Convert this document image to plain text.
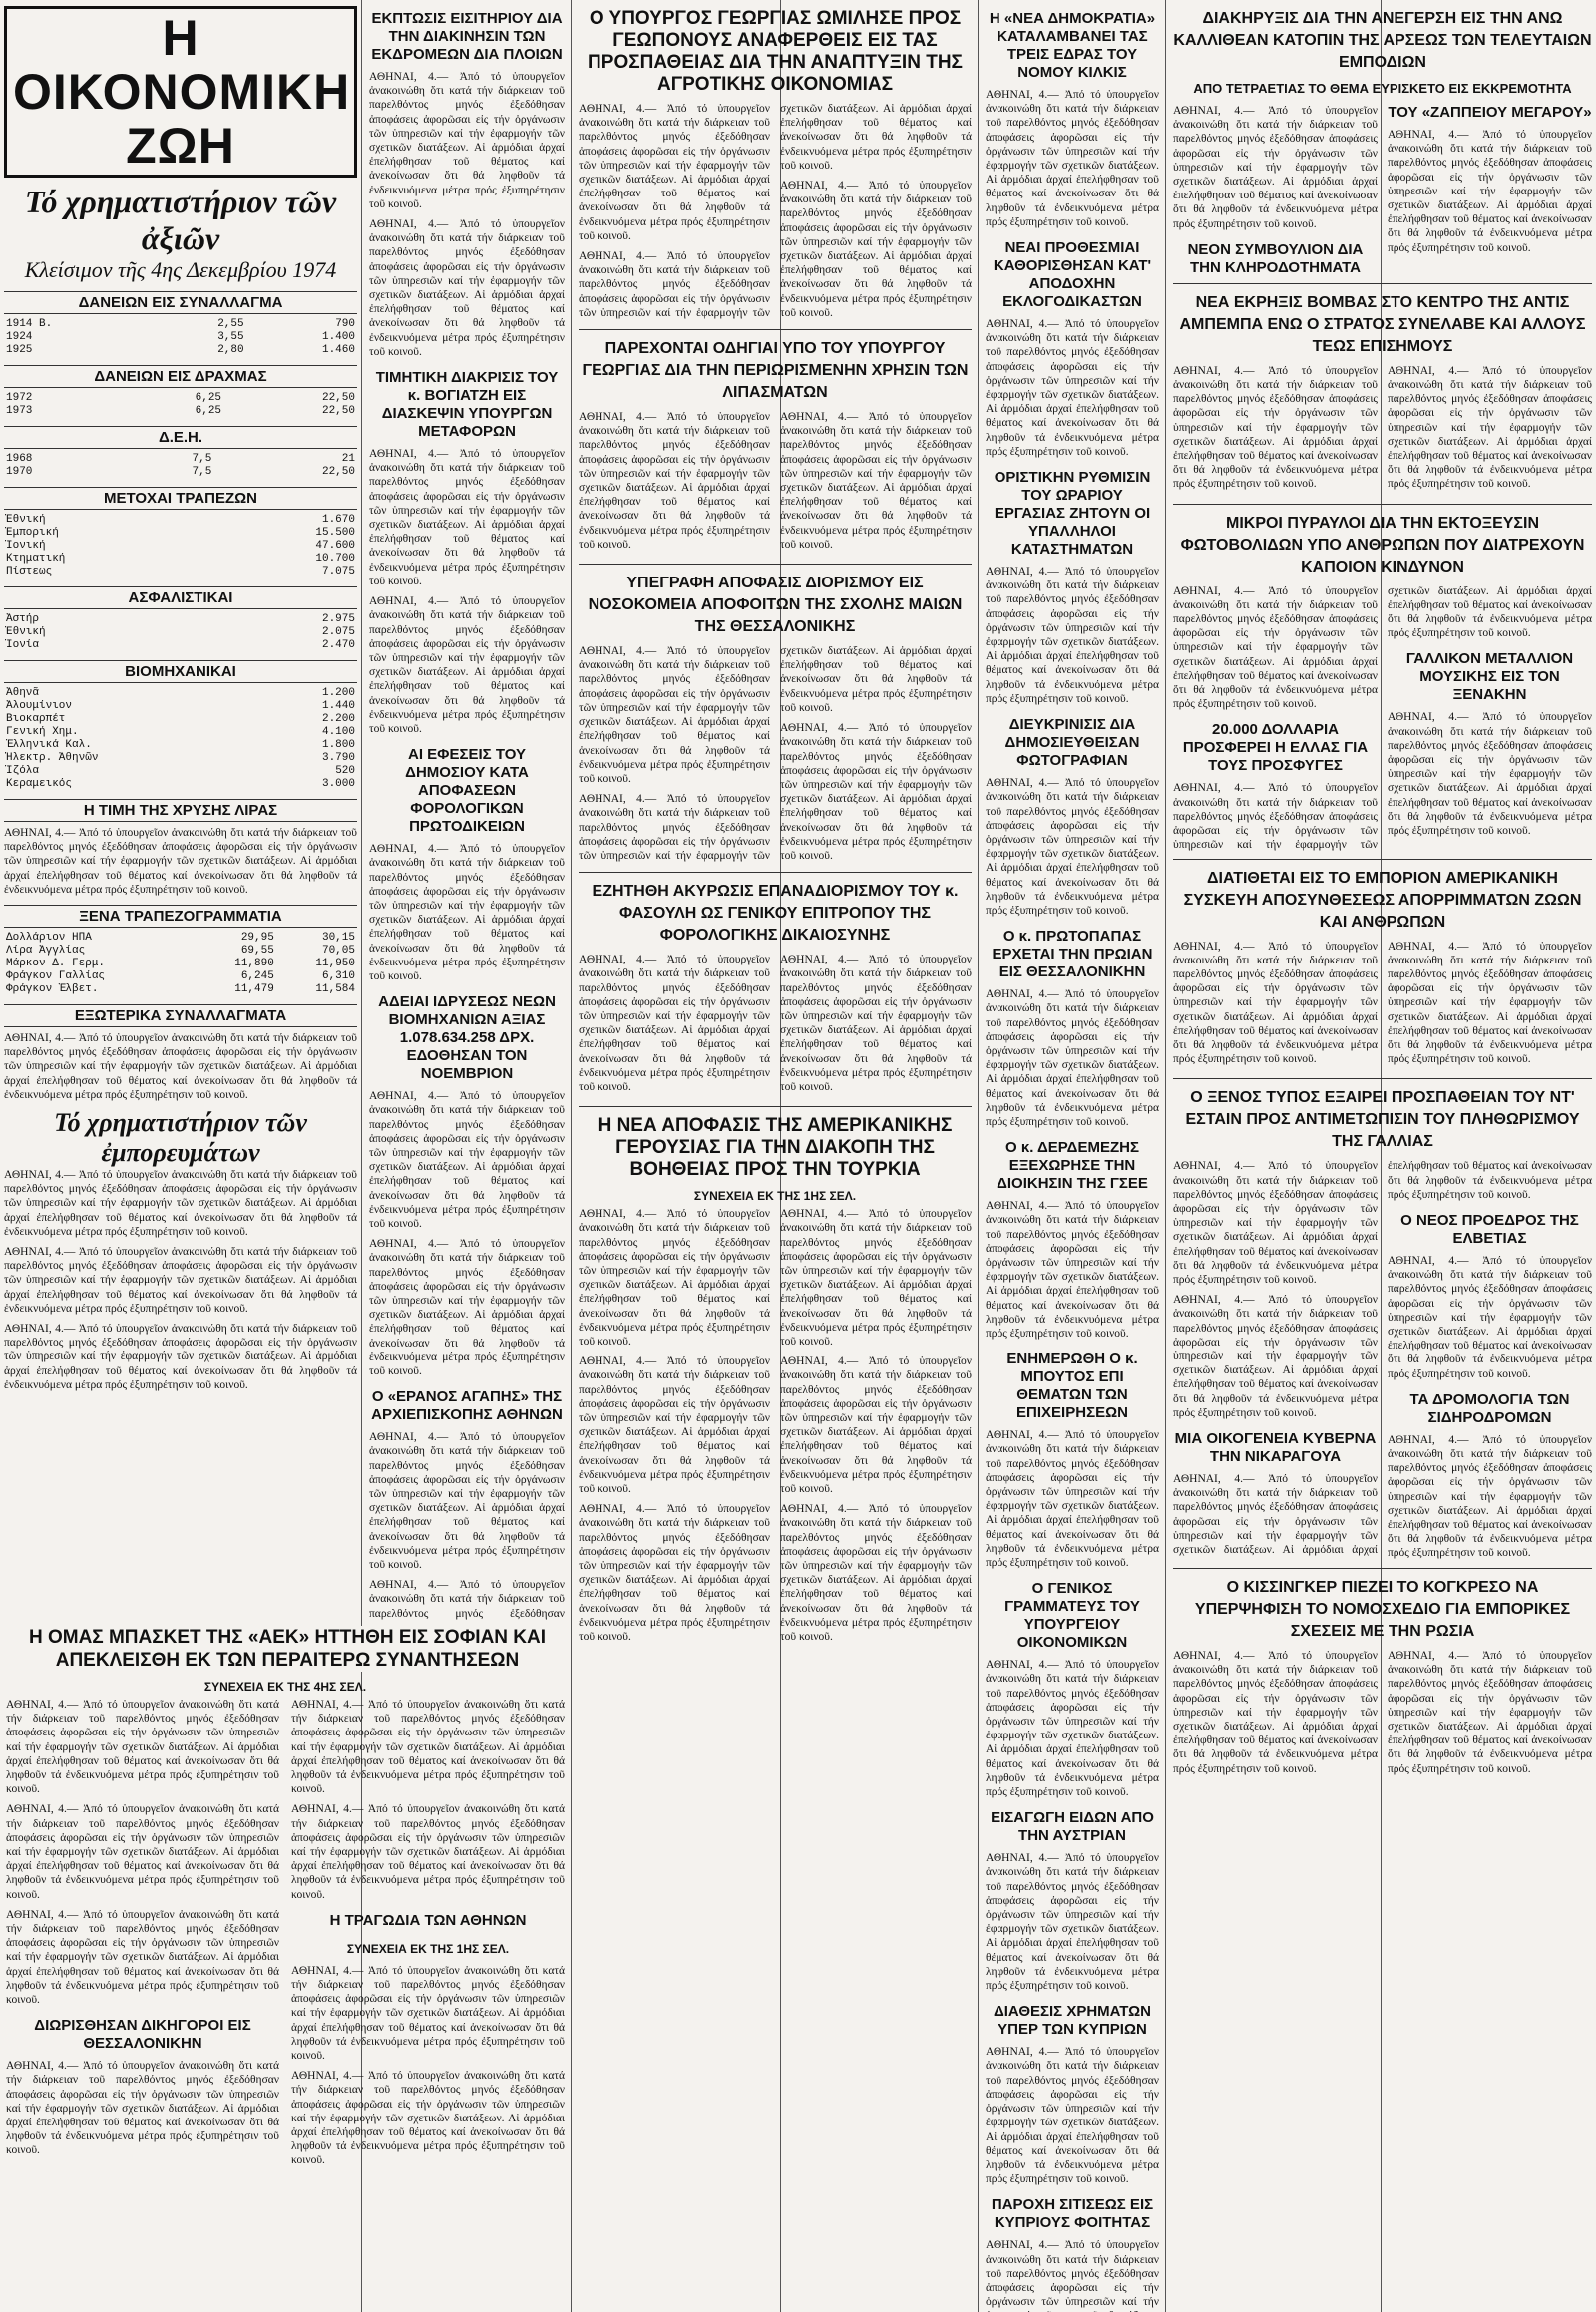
Η ΟΙΚΟΝΟΜΙΚΗ ΖΩΗ
Τό χρηματιστήριον τῶν ἀξιῶν
Κλείσιμον τῆς 4ης Δεκεμβρίου 1974
ΔΑΝΕΙΩΝ ΕΙΣ ΣΥΝΑΛΛΑΓΜΑ
1914 Β.	2,55	790
1924	3,55	1.400
1925	2,80	1.460
ΔΑΝΕΙΩΝ ΕΙΣ ΔΡΑΧΜΑΣ
1972	6,25	22,50
1973	6,25	22,50
Δ.Ε.Η.
1968	7,5	21
1970	7,5	22,50
ΜΕΤΟΧΑΙ ΤΡΑΠΕΖΩΝ
Ἐθνική		1.670
Ἐμπορική		15.500
Ἰονική		47.600
Κτηματική		10.700
Πίστεως		7.075
ΑΣΦΑΛΙΣΤΙΚΑΙ
Ἀστήρ		2.975
Ἐθνική		2.075
Ἰονία		2.470
ΒΙΟΜΗΧΑΝΙΚΑΙ
Ἀθηνᾶ		1.200
Ἀλουμίνιον		1.440
Βιοκαρπέτ		2.200
Γενική Χημ.		4.100
Ἑλληνικά Καλ.		1.800
Ἠλεκτρ. Ἀθηνῶν		3.790
Ἰζόλα		520
Κεραμεικός		3.000
Η ΤΙΜΗ ΤΗΣ ΧΡΥΣΗΣ ΛΙΡΑΣ
ΑΘΗΝΑΙ, 4.— Ἀπό τό ὑπουργεῖον ἀνακοινώθη ὅτι κατά τήν διάρκειαν τοῦ παρελθόντος μηνός ἐξεδόθησαν ἀποφάσεις ἀφορῶσαι εἰς τήν ὀργάνωσιν τῶν ὑπηρεσιῶν καί τήν ἐφαρμογήν τῶν σχετικῶν διατάξεων. Αἱ ἀρμόδιαι ἀρχαί ἐπελήφθησαν τοῦ θέματος καί ἀνεκοίνωσαν ὅτι θά ληφθοῦν τά ἐνδεικνυόμενα μέτρα πρός ἐξυπηρέτησιν τοῦ κοινοῦ.
ΞΕΝΑ ΤΡΑΠΕΖΟΓΡΑΜΜΑΤΙΑ
Δολλάριον ΗΠΑ	29,95	30,15
Λίρα Ἀγγλίας	69,55	70,05
Μάρκον Δ. Γερμ.	11,890	11,950
Φράγκον Γαλλίας	6,245	6,310
Φράγκον Ἑλβετ.	11,479	11,584
ΕΞΩΤΕΡΙΚΑ ΣΥΝΑΛΛΑΓΜΑΤΑ
ΑΘΗΝΑΙ, 4.— Ἀπό τό ὑπουργεῖον ἀνακοινώθη ὅτι κατά τήν διάρκειαν τοῦ παρελθόντος μηνός ἐξεδόθησαν ἀποφάσεις ἀφορῶσαι εἰς τήν ὀργάνωσιν τῶν ὑπηρεσιῶν καί τήν ἐφαρμογήν τῶν σχετικῶν διατάξεων. Αἱ ἀρμόδιαι ἀρχαί ἐπελήφθησαν τοῦ θέματος καί ἀνεκοίνωσαν ὅτι θά ληφθοῦν τά ἐνδεικνυόμενα μέτρα πρός ἐξυπηρέτησιν τοῦ κοινοῦ.
Τό χρηματιστήριον τῶν ἐμπορευμάτων
ΑΘΗΝΑΙ, 4.— Ἀπό τό ὑπουργεῖον ἀνακοινώθη ὅτι κατά τήν διάρκειαν τοῦ παρελθόντος μηνός ἐξεδόθησαν ἀποφάσεις ἀφορῶσαι εἰς τήν ὀργάνωσιν τῶν ὑπηρεσιῶν καί τήν ἐφαρμογήν τῶν σχετικῶν διατάξεων. Αἱ ἀρμόδιαι ἀρχαί ἐπελήφθησαν τοῦ θέματος καί ἀνεκοίνωσαν ὅτι θά ληφθοῦν τά ἐνδεικνυόμενα μέτρα πρός ἐξυπηρέτησιν τοῦ κοινοῦ.
ΑΘΗΝΑΙ, 4.— Ἀπό τό ὑπουργεῖον ἀνακοινώθη ὅτι κατά τήν διάρκειαν τοῦ παρελθόντος μηνός ἐξεδόθησαν ἀποφάσεις ἀφορῶσαι εἰς τήν ὀργάνωσιν τῶν ὑπηρεσιῶν καί τήν ἐφαρμογήν τῶν σχετικῶν διατάξεων. Αἱ ἀρμόδιαι ἀρχαί ἐπελήφθησαν τοῦ θέματος καί ἀνεκοίνωσαν ὅτι θά ληφθοῦν τά ἐνδεικνυόμενα μέτρα πρός ἐξυπηρέτησιν τοῦ κοινοῦ.
ΑΘΗΝΑΙ, 4.— Ἀπό τό ὑπουργεῖον ἀνακοινώθη ὅτι κατά τήν διάρκειαν τοῦ παρελθόντος μηνός ἐξεδόθησαν ἀποφάσεις ἀφορῶσαι εἰς τήν ὀργάνωσιν τῶν ὑπηρεσιῶν καί τήν ἐφαρμογήν τῶν σχετικῶν διατάξεων. Αἱ ἀρμόδιαι ἀρχαί ἐπελήφθησαν τοῦ θέματος καί ἀνεκοίνωσαν ὅτι θά ληφθοῦν τά ἐνδεικνυόμενα μέτρα πρός ἐξυπηρέτησιν τοῦ κοινοῦ.
Η ΟΜΑΣ ΜΠΑΣΚΕΤ ΤΗΣ «ΑΕΚ» ΗΤΤΗΘΗ ΕΙΣ ΣΟΦΙΑΝ ΚΑΙ ΑΠΕΚΛΕΙΣΘΗ ΕΚ ΤΩΝ ΠΕΡΑΙΤΕΡΩ ΣΥΝΑΝΤΗΣΕΩΝ
ΣΥΝΕΧΕΙΑ ΕΚ ΤΗΣ 4ΗΣ ΣΕΛ.
ΑΘΗΝΑΙ, 4.— Ἀπό τό ὑπουργεῖον ἀνακοινώθη ὅτι κατά τήν διάρκειαν τοῦ παρελθόντος μηνός ἐξεδόθησαν ἀποφάσεις ἀφορῶσαι εἰς τήν ὀργάνωσιν τῶν ὑπηρεσιῶν καί τήν ἐφαρμογήν τῶν σχετικῶν διατάξεων. Αἱ ἀρμόδιαι ἀρχαί ἐπελήφθησαν τοῦ θέματος καί ἀνεκοίνωσαν ὅτι θά ληφθοῦν τά ἐνδεικνυόμενα μέτρα πρός ἐξυπηρέτησιν τοῦ κοινοῦ.
ΑΘΗΝΑΙ, 4.— Ἀπό τό ὑπουργεῖον ἀνακοινώθη ὅτι κατά τήν διάρκειαν τοῦ παρελθόντος μηνός ἐξεδόθησαν ἀποφάσεις ἀφορῶσαι εἰς τήν ὀργάνωσιν τῶν ὑπηρεσιῶν καί τήν ἐφαρμογήν τῶν σχετικῶν διατάξεων. Αἱ ἀρμόδιαι ἀρχαί ἐπελήφθησαν τοῦ θέματος καί ἀνεκοίνωσαν ὅτι θά ληφθοῦν τά ἐνδεικνυόμενα μέτρα πρός ἐξυπηρέτησιν τοῦ κοινοῦ.
ΑΘΗΝΑΙ, 4.— Ἀπό τό ὑπουργεῖον ἀνακοινώθη ὅτι κατά τήν διάρκειαν τοῦ παρελθόντος μηνός ἐξεδόθησαν ἀποφάσεις ἀφορῶσαι εἰς τήν ὀργάνωσιν τῶν ὑπηρεσιῶν καί τήν ἐφαρμογήν τῶν σχετικῶν διατάξεων. Αἱ ἀρμόδιαι ἀρχαί ἐπελήφθησαν τοῦ θέματος καί ἀνεκοίνωσαν ὅτι θά ληφθοῦν τά ἐνδεικνυόμενα μέτρα πρός ἐξυπηρέτησιν τοῦ κοινοῦ.
ΔΙΩΡΙΣΘΗΣΑΝ ΔΙΚΗΓΟΡΟΙ ΕΙΣ ΘΕΣΣΑΛΟΝΙΚΗΝ
ΑΘΗΝΑΙ, 4.— Ἀπό τό ὑπουργεῖον ἀνακοινώθη ὅτι κατά τήν διάρκειαν τοῦ παρελθόντος μηνός ἐξεδόθησαν ἀποφάσεις ἀφορῶσαι εἰς τήν ὀργάνωσιν τῶν ὑπηρεσιῶν καί τήν ἐφαρμογήν τῶν σχετικῶν διατάξεων. Αἱ ἀρμόδιαι ἀρχαί ἐπελήφθησαν τοῦ θέματος καί ἀνεκοίνωσαν ὅτι θά ληφθοῦν τά ἐνδεικνυόμενα μέτρα πρός ἐξυπηρέτησιν τοῦ κοινοῦ.
ΑΘΗΝΑΙ, 4.— Ἀπό τό ὑπουργεῖον ἀνακοινώθη ὅτι κατά τήν διάρκειαν τοῦ παρελθόντος μηνός ἐξεδόθησαν ἀποφάσεις ἀφορῶσαι εἰς τήν ὀργάνωσιν τῶν ὑπηρεσιῶν καί τήν ἐφαρμογήν τῶν σχετικῶν διατάξεων. Αἱ ἀρμόδιαι ἀρχαί ἐπελήφθησαν τοῦ θέματος καί ἀνεκοίνωσαν ὅτι θά ληφθοῦν τά ἐνδεικνυόμενα μέτρα πρός ἐξυπηρέτησιν τοῦ κοινοῦ.
ΑΘΗΝΑΙ, 4.— Ἀπό τό ὑπουργεῖον ἀνακοινώθη ὅτι κατά τήν διάρκειαν τοῦ παρελθόντος μηνός ἐξεδόθησαν ἀποφάσεις ἀφορῶσαι εἰς τήν ὀργάνωσιν τῶν ὑπηρεσιῶν καί τήν ἐφαρμογήν τῶν σχετικῶν διατάξεων. Αἱ ἀρμόδιαι ἀρχαί ἐπελήφθησαν τοῦ θέματος καί ἀνεκοίνωσαν ὅτι θά ληφθοῦν τά ἐνδεικνυόμενα μέτρα πρός ἐξυπηρέτησιν τοῦ κοινοῦ.
Η ΤΡΑΓΩΔΙΑ ΤΩΝ ΑΘΗΝΩΝ
ΣΥΝΕΧΕΙΑ ΕΚ ΤΗΣ 1ΗΣ ΣΕΛ.
ΑΘΗΝΑΙ, 4.— Ἀπό τό ὑπουργεῖον ἀνακοινώθη ὅτι κατά τήν διάρκειαν τοῦ παρελθόντος μηνός ἐξεδόθησαν ἀποφάσεις ἀφορῶσαι εἰς τήν ὀργάνωσιν τῶν ὑπηρεσιῶν καί τήν ἐφαρμογήν τῶν σχετικῶν διατάξεων. Αἱ ἀρμόδιαι ἀρχαί ἐπελήφθησαν τοῦ θέματος καί ἀνεκοίνωσαν ὅτι θά ληφθοῦν τά ἐνδεικνυόμενα μέτρα πρός ἐξυπηρέτησιν τοῦ κοινοῦ.
ΑΘΗΝΑΙ, 4.— Ἀπό τό ὑπουργεῖον ἀνακοινώθη ὅτι κατά τήν διάρκειαν τοῦ παρελθόντος μηνός ἐξεδόθησαν ἀποφάσεις ἀφορῶσαι εἰς τήν ὀργάνωσιν τῶν ὑπηρεσιῶν καί τήν ἐφαρμογήν τῶν σχετικῶν διατάξεων. Αἱ ἀρμόδιαι ἀρχαί ἐπελήφθησαν τοῦ θέματος καί ἀνεκοίνωσαν ὅτι θά ληφθοῦν τά ἐνδεικνυόμενα μέτρα πρός ἐξυπηρέτησιν τοῦ κοινοῦ.
ΕΚΠΤΩΣΙΣ ΕΙΣΙΤΗΡΙΟΥ ΔΙΑ ΤΗΝ ΔΙΑΚΙΝΗΣΙΝ ΤΩΝ ΕΚΔΡΟΜΕΩΝ ΔΙΑ ΠΛΟΙΩΝ
ΑΘΗΝΑΙ, 4.— Ἀπό τό ὑπουργεῖον ἀνακοινώθη ὅτι κατά τήν διάρκειαν τοῦ παρελθόντος μηνός ἐξεδόθησαν ἀποφάσεις ἀφορῶσαι εἰς τήν ὀργάνωσιν τῶν ὑπηρεσιῶν καί τήν ἐφαρμογήν τῶν σχετικῶν διατάξεων. Αἱ ἀρμόδιαι ἀρχαί ἐπελήφθησαν τοῦ θέματος καί ἀνεκοίνωσαν ὅτι θά ληφθοῦν τά ἐνδεικνυόμενα μέτρα πρός ἐξυπηρέτησιν τοῦ κοινοῦ.
ΑΘΗΝΑΙ, 4.— Ἀπό τό ὑπουργεῖον ἀνακοινώθη ὅτι κατά τήν διάρκειαν τοῦ παρελθόντος μηνός ἐξεδόθησαν ἀποφάσεις ἀφορῶσαι εἰς τήν ὀργάνωσιν τῶν ὑπηρεσιῶν καί τήν ἐφαρμογήν τῶν σχετικῶν διατάξεων. Αἱ ἀρμόδιαι ἀρχαί ἐπελήφθησαν τοῦ θέματος καί ἀνεκοίνωσαν ὅτι θά ληφθοῦν τά ἐνδεικνυόμενα μέτρα πρός ἐξυπηρέτησιν τοῦ κοινοῦ.
ΤΙΜΗΤΙΚΗ ΔΙΑΚΡΙΣΙΣ ΤΟΥ κ. ΒΟΓΙΑΤΖΗ ΕΙΣ ΔΙΑΣΚΕΨΙΝ ΥΠΟΥΡΓΩΝ ΜΕΤΑΦΟΡΩΝ
ΑΘΗΝΑΙ, 4.— Ἀπό τό ὑπουργεῖον ἀνακοινώθη ὅτι κατά τήν διάρκειαν τοῦ παρελθόντος μηνός ἐξεδόθησαν ἀποφάσεις ἀφορῶσαι εἰς τήν ὀργάνωσιν τῶν ὑπηρεσιῶν καί τήν ἐφαρμογήν τῶν σχετικῶν διατάξεων. Αἱ ἀρμόδιαι ἀρχαί ἐπελήφθησαν τοῦ θέματος καί ἀνεκοίνωσαν ὅτι θά ληφθοῦν τά ἐνδεικνυόμενα μέτρα πρός ἐξυπηρέτησιν τοῦ κοινοῦ.
ΑΘΗΝΑΙ, 4.— Ἀπό τό ὑπουργεῖον ἀνακοινώθη ὅτι κατά τήν διάρκειαν τοῦ παρελθόντος μηνός ἐξεδόθησαν ἀποφάσεις ἀφορῶσαι εἰς τήν ὀργάνωσιν τῶν ὑπηρεσιῶν καί τήν ἐφαρμογήν τῶν σχετικῶν διατάξεων. Αἱ ἀρμόδιαι ἀρχαί ἐπελήφθησαν τοῦ θέματος καί ἀνεκοίνωσαν ὅτι θά ληφθοῦν τά ἐνδεικνυόμενα μέτρα πρός ἐξυπηρέτησιν τοῦ κοινοῦ.
ΑΙ ΕΦΕΣΕΙΣ ΤΟΥ ΔΗΜΟΣΙΟΥ ΚΑΤΑ ΑΠΟΦΑΣΕΩΝ ΦΟΡΟΛΟΓΙΚΩΝ ΠΡΩΤΟΔΙΚΕΙΩΝ
ΑΘΗΝΑΙ, 4.— Ἀπό τό ὑπουργεῖον ἀνακοινώθη ὅτι κατά τήν διάρκειαν τοῦ παρελθόντος μηνός ἐξεδόθησαν ἀποφάσεις ἀφορῶσαι εἰς τήν ὀργάνωσιν τῶν ὑπηρεσιῶν καί τήν ἐφαρμογήν τῶν σχετικῶν διατάξεων. Αἱ ἀρμόδιαι ἀρχαί ἐπελήφθησαν τοῦ θέματος καί ἀνεκοίνωσαν ὅτι θά ληφθοῦν τά ἐνδεικνυόμενα μέτρα πρός ἐξυπηρέτησιν τοῦ κοινοῦ.
ΑΔΕΙΑΙ ΙΔΡΥΣΕΩΣ ΝΕΩΝ ΒΙΟΜΗΧΑΝΙΩΝ ΑΞΙΑΣ 1.078.634.258 ΔΡΧ. ΕΔΟΘΗΣΑΝ ΤΟΝ ΝΟΕΜΒΡΙΟΝ
ΑΘΗΝΑΙ, 4.— Ἀπό τό ὑπουργεῖον ἀνακοινώθη ὅτι κατά τήν διάρκειαν τοῦ παρελθόντος μηνός ἐξεδόθησαν ἀποφάσεις ἀφορῶσαι εἰς τήν ὀργάνωσιν τῶν ὑπηρεσιῶν καί τήν ἐφαρμογήν τῶν σχετικῶν διατάξεων. Αἱ ἀρμόδιαι ἀρχαί ἐπελήφθησαν τοῦ θέματος καί ἀνεκοίνωσαν ὅτι θά ληφθοῦν τά ἐνδεικνυόμενα μέτρα πρός ἐξυπηρέτησιν τοῦ κοινοῦ.
ΑΘΗΝΑΙ, 4.— Ἀπό τό ὑπουργεῖον ἀνακοινώθη ὅτι κατά τήν διάρκειαν τοῦ παρελθόντος μηνός ἐξεδόθησαν ἀποφάσεις ἀφορῶσαι εἰς τήν ὀργάνωσιν τῶν ὑπηρεσιῶν καί τήν ἐφαρμογήν τῶν σχετικῶν διατάξεων. Αἱ ἀρμόδιαι ἀρχαί ἐπελήφθησαν τοῦ θέματος καί ἀνεκοίνωσαν ὅτι θά ληφθοῦν τά ἐνδεικνυόμενα μέτρα πρός ἐξυπηρέτησιν τοῦ κοινοῦ.
Ο «ΕΡΑΝΟΣ ΑΓΑΠΗΣ» ΤΗΣ ΑΡΧΙΕΠΙΣΚΟΠΗΣ ΑΘΗΝΩΝ
ΑΘΗΝΑΙ, 4.— Ἀπό τό ὑπουργεῖον ἀνακοινώθη ὅτι κατά τήν διάρκειαν τοῦ παρελθόντος μηνός ἐξεδόθησαν ἀποφάσεις ἀφορῶσαι εἰς τήν ὀργάνωσιν τῶν ὑπηρεσιῶν καί τήν ἐφαρμογήν τῶν σχετικῶν διατάξεων. Αἱ ἀρμόδιαι ἀρχαί ἐπελήφθησαν τοῦ θέματος καί ἀνεκοίνωσαν ὅτι θά ληφθοῦν τά ἐνδεικνυόμενα μέτρα πρός ἐξυπηρέτησιν τοῦ κοινοῦ.
ΑΘΗΝΑΙ, 4.— Ἀπό τό ὑπουργεῖον ἀνακοινώθη ὅτι κατά τήν διάρκειαν τοῦ παρελθόντος μηνός ἐξεδόθησαν
Ο ΥΠΟΥΡΓΟΣ ΓΕΩΡΓΙΑΣ ΩΜΙΛΗΣΕ ΠΡΟΣ ΓΕΩΠΟΝΟΥΣ ΑΝΑΦΕΡΘΕΙΣ ΕΙΣ ΤΑΣ ΠΡΟΣΠΑΘΕΙΑΣ ΔΙΑ ΤΗΝ ΑΝΑΠΤΥΞΙΝ ΤΗΣ ΑΓΡΟΤΙΚΗΣ ΟΙΚΟΝΟΜΙΑΣ
ΑΘΗΝΑΙ, 4.— Ἀπό τό ὑπουργεῖον ἀνακοινώθη ὅτι κατά τήν διάρκειαν τοῦ παρελθόντος μηνός ἐξεδόθησαν ἀποφάσεις ἀφορῶσαι εἰς τήν ὀργάνωσιν τῶν ὑπηρεσιῶν καί τήν ἐφαρμογήν τῶν σχετικῶν διατάξεων. Αἱ ἀρμόδιαι ἀρχαί ἐπελήφθησαν τοῦ θέματος καί ἀνεκοίνωσαν ὅτι θά ληφθοῦν τά ἐνδεικνυόμενα μέτρα πρός ἐξυπηρέτησιν τοῦ κοινοῦ.
ΑΘΗΝΑΙ, 4.— Ἀπό τό ὑπουργεῖον ἀνακοινώθη ὅτι κατά τήν διάρκειαν τοῦ παρελθόντος μηνός ἐξεδόθησαν ἀποφάσεις ἀφορῶσαι εἰς τήν ὀργάνωσιν τῶν ὑπηρεσιῶν καί τήν ἐφαρμογήν τῶν σχετικῶν διατάξεων. Αἱ ἀρμόδιαι ἀρχαί ἐπελήφθησαν τοῦ θέματος καί ἀνεκοίνωσαν ὅτι θά ληφθοῦν τά ἐνδεικνυόμενα μέτρα πρός ἐξυπηρέτησιν τοῦ κοινοῦ.
ΑΘΗΝΑΙ, 4.— Ἀπό τό ὑπουργεῖον ἀνακοινώθη ὅτι κατά τήν διάρκειαν τοῦ παρελθόντος μηνός ἐξεδόθησαν ἀποφάσεις ἀφορῶσαι εἰς τήν ὀργάνωσιν τῶν ὑπηρεσιῶν καί τήν ἐφαρμογήν τῶν σχετικῶν διατάξεων. Αἱ ἀρμόδιαι ἀρχαί ἐπελήφθησαν τοῦ θέματος καί ἀνεκοίνωσαν ὅτι θά ληφθοῦν τά ἐνδεικνυόμενα μέτρα πρός ἐξυπηρέτησιν τοῦ κοινοῦ.
ΠΑΡΕΧΟΝΤΑΙ ΟΔΗΓΙΑΙ ΥΠΟ ΤΟΥ ΥΠΟΥΡΓΟΥ ΓΕΩΡΓΙΑΣ ΔΙΑ ΤΗΝ ΠΕΡΙΩΡΙΣΜΕΝΗΝ ΧΡΗΣΙΝ ΤΩΝ ΛΙΠΑΣΜΑΤΩΝ
ΑΘΗΝΑΙ, 4.— Ἀπό τό ὑπουργεῖον ἀνακοινώθη ὅτι κατά τήν διάρκειαν τοῦ παρελθόντος μηνός ἐξεδόθησαν ἀποφάσεις ἀφορῶσαι εἰς τήν ὀργάνωσιν τῶν ὑπηρεσιῶν καί τήν ἐφαρμογήν τῶν σχετικῶν διατάξεων. Αἱ ἀρμόδιαι ἀρχαί ἐπελήφθησαν τοῦ θέματος καί ἀνεκοίνωσαν ὅτι θά ληφθοῦν τά ἐνδεικνυόμενα μέτρα πρός ἐξυπηρέτησιν τοῦ κοινοῦ.
ΑΘΗΝΑΙ, 4.— Ἀπό τό ὑπουργεῖον ἀνακοινώθη ὅτι κατά τήν διάρκειαν τοῦ παρελθόντος μηνός ἐξεδόθησαν ἀποφάσεις ἀφορῶσαι εἰς τήν ὀργάνωσιν τῶν ὑπηρεσιῶν καί τήν ἐφαρμογήν τῶν σχετικῶν διατάξεων. Αἱ ἀρμόδιαι ἀρχαί ἐπελήφθησαν τοῦ θέματος καί ἀνεκοίνωσαν ὅτι θά ληφθοῦν τά ἐνδεικνυόμενα μέτρα πρός ἐξυπηρέτησιν τοῦ κοινοῦ.
ΥΠΕΓΡΑΦΗ ΑΠΟΦΑΣΙΣ ΔΙΟΡΙΣΜΟΥ ΕΙΣ ΝΟΣΟΚΟΜΕΙΑ ΑΠΟΦΟΙΤΩΝ ΤΗΣ ΣΧΟΛΗΣ ΜΑΙΩΝ ΤΗΣ ΘΕΣΣΑΛΟΝΙΚΗΣ
ΑΘΗΝΑΙ, 4.— Ἀπό τό ὑπουργεῖον ἀνακοινώθη ὅτι κατά τήν διάρκειαν τοῦ παρελθόντος μηνός ἐξεδόθησαν ἀποφάσεις ἀφορῶσαι εἰς τήν ὀργάνωσιν τῶν ὑπηρεσιῶν καί τήν ἐφαρμογήν τῶν σχετικῶν διατάξεων. Αἱ ἀρμόδιαι ἀρχαί ἐπελήφθησαν τοῦ θέματος καί ἀνεκοίνωσαν ὅτι θά ληφθοῦν τά ἐνδεικνυόμενα μέτρα πρός ἐξυπηρέτησιν τοῦ κοινοῦ.
ΑΘΗΝΑΙ, 4.— Ἀπό τό ὑπουργεῖον ἀνακοινώθη ὅτι κατά τήν διάρκειαν τοῦ παρελθόντος μηνός ἐξεδόθησαν ἀποφάσεις ἀφορῶσαι εἰς τήν ὀργάνωσιν τῶν ὑπηρεσιῶν καί τήν ἐφαρμογήν τῶν σχετικῶν διατάξεων. Αἱ ἀρμόδιαι ἀρχαί ἐπελήφθησαν τοῦ θέματος καί ἀνεκοίνωσαν ὅτι θά ληφθοῦν τά ἐνδεικνυόμενα μέτρα πρός ἐξυπηρέτησιν τοῦ κοινοῦ.
ΑΘΗΝΑΙ, 4.— Ἀπό τό ὑπουργεῖον ἀνακοινώθη ὅτι κατά τήν διάρκειαν τοῦ παρελθόντος μηνός ἐξεδόθησαν ἀποφάσεις ἀφορῶσαι εἰς τήν ὀργάνωσιν τῶν ὑπηρεσιῶν καί τήν ἐφαρμογήν τῶν σχετικῶν διατάξεων. Αἱ ἀρμόδιαι ἀρχαί ἐπελήφθησαν τοῦ θέματος καί ἀνεκοίνωσαν ὅτι θά ληφθοῦν τά ἐνδεικνυόμενα μέτρα πρός ἐξυπηρέτησιν τοῦ κοινοῦ.
ΕΖΗΤΗΘΗ ΑΚΥΡΩΣΙΣ ΕΠΑΝΑΔΙΟΡΙΣΜΟΥ ΤΟΥ κ. ΦΑΣΟΥΛΗ ΩΣ ΓΕΝΙΚΟΥ ΕΠΙΤΡΟΠΟΥ ΤΗΣ ΦΟΡΟΛΟΓΙΚΗΣ ΔΙΚΑΙΟΣΥΝΗΣ
ΑΘΗΝΑΙ, 4.— Ἀπό τό ὑπουργεῖον ἀνακοινώθη ὅτι κατά τήν διάρκειαν τοῦ παρελθόντος μηνός ἐξεδόθησαν ἀποφάσεις ἀφορῶσαι εἰς τήν ὀργάνωσιν τῶν ὑπηρεσιῶν καί τήν ἐφαρμογήν τῶν σχετικῶν διατάξεων. Αἱ ἀρμόδιαι ἀρχαί ἐπελήφθησαν τοῦ θέματος καί ἀνεκοίνωσαν ὅτι θά ληφθοῦν τά ἐνδεικνυόμενα μέτρα πρός ἐξυπηρέτησιν τοῦ κοινοῦ.
ΑΘΗΝΑΙ, 4.— Ἀπό τό ὑπουργεῖον ἀνακοινώθη ὅτι κατά τήν διάρκειαν τοῦ παρελθόντος μηνός ἐξεδόθησαν ἀποφάσεις ἀφορῶσαι εἰς τήν ὀργάνωσιν τῶν ὑπηρεσιῶν καί τήν ἐφαρμογήν τῶν σχετικῶν διατάξεων. Αἱ ἀρμόδιαι ἀρχαί ἐπελήφθησαν τοῦ θέματος καί ἀνεκοίνωσαν ὅτι θά ληφθοῦν τά ἐνδεικνυόμενα μέτρα πρός ἐξυπηρέτησιν τοῦ κοινοῦ.
Η ΝΕΑ ΑΠΟΦΑΣΙΣ ΤΗΣ ΑΜΕΡΙΚΑΝΙΚΗΣ ΓΕΡΟΥΣΙΑΣ ΓΙΑ ΤΗΝ ΔΙΑΚΟΠΗ ΤΗΣ ΒΟΗΘΕΙΑΣ ΠΡΟΣ ΤΗΝ ΤΟΥΡΚΙΑ
ΣΥΝΕΧΕΙΑ ΕΚ ΤΗΣ 1ΗΣ ΣΕΛ.
ΑΘΗΝΑΙ, 4.— Ἀπό τό ὑπουργεῖον ἀνακοινώθη ὅτι κατά τήν διάρκειαν τοῦ παρελθόντος μηνός ἐξεδόθησαν ἀποφάσεις ἀφορῶσαι εἰς τήν ὀργάνωσιν τῶν ὑπηρεσιῶν καί τήν ἐφαρμογήν τῶν σχετικῶν διατάξεων. Αἱ ἀρμόδιαι ἀρχαί ἐπελήφθησαν τοῦ θέματος καί ἀνεκοίνωσαν ὅτι θά ληφθοῦν τά ἐνδεικνυόμενα μέτρα πρός ἐξυπηρέτησιν τοῦ κοινοῦ.
ΑΘΗΝΑΙ, 4.— Ἀπό τό ὑπουργεῖον ἀνακοινώθη ὅτι κατά τήν διάρκειαν τοῦ παρελθόντος μηνός ἐξεδόθησαν ἀποφάσεις ἀφορῶσαι εἰς τήν ὀργάνωσιν τῶν ὑπηρεσιῶν καί τήν ἐφαρμογήν τῶν σχετικῶν διατάξεων. Αἱ ἀρμόδιαι ἀρχαί ἐπελήφθησαν τοῦ θέματος καί ἀνεκοίνωσαν ὅτι θά ληφθοῦν τά ἐνδεικνυόμενα μέτρα πρός ἐξυπηρέτησιν τοῦ κοινοῦ.
ΑΘΗΝΑΙ, 4.— Ἀπό τό ὑπουργεῖον ἀνακοινώθη ὅτι κατά τήν διάρκειαν τοῦ παρελθόντος μηνός ἐξεδόθησαν ἀποφάσεις ἀφορῶσαι εἰς τήν ὀργάνωσιν τῶν ὑπηρεσιῶν καί τήν ἐφαρμογήν τῶν σχετικῶν διατάξεων. Αἱ ἀρμόδιαι ἀρχαί ἐπελήφθησαν τοῦ θέματος καί ἀνεκοίνωσαν ὅτι θά ληφθοῦν τά ἐνδεικνυόμενα μέτρα πρός ἐξυπηρέτησιν τοῦ κοινοῦ.
ΑΘΗΝΑΙ, 4.— Ἀπό τό ὑπουργεῖον ἀνακοινώθη ὅτι κατά τήν διάρκειαν τοῦ παρελθόντος μηνός ἐξεδόθησαν ἀποφάσεις ἀφορῶσαι εἰς τήν ὀργάνωσιν τῶν ὑπηρεσιῶν καί τήν ἐφαρμογήν τῶν σχετικῶν διατάξεων. Αἱ ἀρμόδιαι ἀρχαί ἐπελήφθησαν τοῦ θέματος καί ἀνεκοίνωσαν ὅτι θά ληφθοῦν τά ἐνδεικνυόμενα μέτρα πρός ἐξυπηρέτησιν τοῦ κοινοῦ.
ΑΘΗΝΑΙ, 4.— Ἀπό τό ὑπουργεῖον ἀνακοινώθη ὅτι κατά τήν διάρκειαν τοῦ παρελθόντος μηνός ἐξεδόθησαν ἀποφάσεις ἀφορῶσαι εἰς τήν ὀργάνωσιν τῶν ὑπηρεσιῶν καί τήν ἐφαρμογήν τῶν σχετικῶν διατάξεων. Αἱ ἀρμόδιαι ἀρχαί ἐπελήφθησαν τοῦ θέματος καί ἀνεκοίνωσαν ὅτι θά ληφθοῦν τά ἐνδεικνυόμενα μέτρα πρός ἐξυπηρέτησιν τοῦ κοινοῦ.
ΑΘΗΝΑΙ, 4.— Ἀπό τό ὑπουργεῖον ἀνακοινώθη ὅτι κατά τήν διάρκειαν τοῦ παρελθόντος μηνός ἐξεδόθησαν ἀποφάσεις ἀφορῶσαι εἰς τήν ὀργάνωσιν τῶν ὑπηρεσιῶν καί τήν ἐφαρμογήν τῶν σχετικῶν διατάξεων. Αἱ ἀρμόδιαι ἀρχαί ἐπελήφθησαν τοῦ θέματος καί ἀνεκοίνωσαν ὅτι θά ληφθοῦν τά ἐνδεικνυόμενα μέτρα πρός ἐξυπηρέτησιν τοῦ κοινοῦ.
Η «ΝΕΑ ΔΗΜΟΚΡΑΤΙΑ» ΚΑΤΑΛΑΜΒΑΝΕΙ ΤΑΣ ΤΡΕΙΣ ΕΔΡΑΣ ΤΟΥ ΝΟΜΟΥ ΚΙΛΚΙΣ
ΑΘΗΝΑΙ, 4.— Ἀπό τό ὑπουργεῖον ἀνακοινώθη ὅτι κατά τήν διάρκειαν τοῦ παρελθόντος μηνός ἐξεδόθησαν ἀποφάσεις ἀφορῶσαι εἰς τήν ὀργάνωσιν τῶν ὑπηρεσιῶν καί τήν ἐφαρμογήν τῶν σχετικῶν διατάξεων. Αἱ ἀρμόδιαι ἀρχαί ἐπελήφθησαν τοῦ θέματος καί ἀνεκοίνωσαν ὅτι θά ληφθοῦν τά ἐνδεικνυόμενα μέτρα πρός ἐξυπηρέτησιν τοῦ κοινοῦ.
ΝΕΑΙ ΠΡΟΘΕΣΜΙΑΙ ΚΑΘΟΡΙΣΘΗΣΑΝ ΚΑΤ' ΑΠΟΔΟΧΗΝ ΕΚΛΟΓΟΔΙΚΑΣΤΩΝ
ΑΘΗΝΑΙ, 4.— Ἀπό τό ὑπουργεῖον ἀνακοινώθη ὅτι κατά τήν διάρκειαν τοῦ παρελθόντος μηνός ἐξεδόθησαν ἀποφάσεις ἀφορῶσαι εἰς τήν ὀργάνωσιν τῶν ὑπηρεσιῶν καί τήν ἐφαρμογήν τῶν σχετικῶν διατάξεων. Αἱ ἀρμόδιαι ἀρχαί ἐπελήφθησαν τοῦ θέματος καί ἀνεκοίνωσαν ὅτι θά ληφθοῦν τά ἐνδεικνυόμενα μέτρα πρός ἐξυπηρέτησιν τοῦ κοινοῦ.
ΟΡΙΣΤΙΚΗΝ ΡΥΘΜΙΣΙΝ ΤΟΥ ΩΡΑΡΙΟΥ ΕΡΓΑΣΙΑΣ ΖΗΤΟΥΝ ΟΙ ΥΠΑΛΛΗΛΟΙ ΚΑΤΑΣΤΗΜΑΤΩΝ
ΑΘΗΝΑΙ, 4.— Ἀπό τό ὑπουργεῖον ἀνακοινώθη ὅτι κατά τήν διάρκειαν τοῦ παρελθόντος μηνός ἐξεδόθησαν ἀποφάσεις ἀφορῶσαι εἰς τήν ὀργάνωσιν τῶν ὑπηρεσιῶν καί τήν ἐφαρμογήν τῶν σχετικῶν διατάξεων. Αἱ ἀρμόδιαι ἀρχαί ἐπελήφθησαν τοῦ θέματος καί ἀνεκοίνωσαν ὅτι θά ληφθοῦν τά ἐνδεικνυόμενα μέτρα πρός ἐξυπηρέτησιν τοῦ κοινοῦ.
ΔΙΕΥΚΡΙΝΙΣΙΣ ΔΙΑ ΔΗΜΟΣΙΕΥΘΕΙΣΑΝ ΦΩΤΟΓΡΑΦΙΑΝ
ΑΘΗΝΑΙ, 4.— Ἀπό τό ὑπουργεῖον ἀνακοινώθη ὅτι κατά τήν διάρκειαν τοῦ παρελθόντος μηνός ἐξεδόθησαν ἀποφάσεις ἀφορῶσαι εἰς τήν ὀργάνωσιν τῶν ὑπηρεσιῶν καί τήν ἐφαρμογήν τῶν σχετικῶν διατάξεων. Αἱ ἀρμόδιαι ἀρχαί ἐπελήφθησαν τοῦ θέματος καί ἀνεκοίνωσαν ὅτι θά ληφθοῦν τά ἐνδεικνυόμενα μέτρα πρός ἐξυπηρέτησιν τοῦ κοινοῦ.
Ο κ. ΠΡΩΤΟΠΑΠΑΣ ΕΡΧΕΤΑΙ ΤΗΝ ΠΡΩΙΑΝ ΕΙΣ ΘΕΣΣΑΛΟΝΙΚΗΝ
ΑΘΗΝΑΙ, 4.— Ἀπό τό ὑπουργεῖον ἀνακοινώθη ὅτι κατά τήν διάρκειαν τοῦ παρελθόντος μηνός ἐξεδόθησαν ἀποφάσεις ἀφορῶσαι εἰς τήν ὀργάνωσιν τῶν ὑπηρεσιῶν καί τήν ἐφαρμογήν τῶν σχετικῶν διατάξεων. Αἱ ἀρμόδιαι ἀρχαί ἐπελήφθησαν τοῦ θέματος καί ἀνεκοίνωσαν ὅτι θά ληφθοῦν τά ἐνδεικνυόμενα μέτρα πρός ἐξυπηρέτησιν τοῦ κοινοῦ.
Ο κ. ΔΕΡΔΕΜΕΖΗΣ ΕΞΕΧΩΡΗΣΕ ΤΗΝ ΔΙΟΙΚΗΣΙΝ ΤΗΣ ΓΣΕΕ
ΑΘΗΝΑΙ, 4.— Ἀπό τό ὑπουργεῖον ἀνακοινώθη ὅτι κατά τήν διάρκειαν τοῦ παρελθόντος μηνός ἐξεδόθησαν ἀποφάσεις ἀφορῶσαι εἰς τήν ὀργάνωσιν τῶν ὑπηρεσιῶν καί τήν ἐφαρμογήν τῶν σχετικῶν διατάξεων. Αἱ ἀρμόδιαι ἀρχαί ἐπελήφθησαν τοῦ θέματος καί ἀνεκοίνωσαν ὅτι θά ληφθοῦν τά ἐνδεικνυόμενα μέτρα πρός ἐξυπηρέτησιν τοῦ κοινοῦ.
ΕΝΗΜΕΡΩΘΗ Ο κ. ΜΠΟΥΤΟΣ ΕΠΙ ΘΕΜΑΤΩΝ ΤΩΝ ΕΠΙΧΕΙΡΗΣΕΩΝ
ΑΘΗΝΑΙ, 4.— Ἀπό τό ὑπουργεῖον ἀνακοινώθη ὅτι κατά τήν διάρκειαν τοῦ παρελθόντος μηνός ἐξεδόθησαν ἀποφάσεις ἀφορῶσαι εἰς τήν ὀργάνωσιν τῶν ὑπηρεσιῶν καί τήν ἐφαρμογήν τῶν σχετικῶν διατάξεων. Αἱ ἀρμόδιαι ἀρχαί ἐπελήφθησαν τοῦ θέματος καί ἀνεκοίνωσαν ὅτι θά ληφθοῦν τά ἐνδεικνυόμενα μέτρα πρός ἐξυπηρέτησιν τοῦ κοινοῦ.
Ο ΓΕΝΙΚΟΣ ΓΡΑΜΜΑΤΕΥΣ ΤΟΥ ΥΠΟΥΡΓΕΙΟΥ ΟΙΚΟΝΟΜΙΚΩΝ
ΑΘΗΝΑΙ, 4.— Ἀπό τό ὑπουργεῖον ἀνακοινώθη ὅτι κατά τήν διάρκειαν τοῦ παρελθόντος μηνός ἐξεδόθησαν ἀποφάσεις ἀφορῶσαι εἰς τήν ὀργάνωσιν τῶν ὑπηρεσιῶν καί τήν ἐφαρμογήν τῶν σχετικῶν διατάξεων. Αἱ ἀρμόδιαι ἀρχαί ἐπελήφθησαν τοῦ θέματος καί ἀνεκοίνωσαν ὅτι θά ληφθοῦν τά ἐνδεικνυόμενα μέτρα πρός ἐξυπηρέτησιν τοῦ κοινοῦ.
ΕΙΣΑΓΩΓΗ ΕΙΔΩΝ ΑΠΟ ΤΗΝ ΑΥΣΤΡΙΑΝ
ΑΘΗΝΑΙ, 4.— Ἀπό τό ὑπουργεῖον ἀνακοινώθη ὅτι κατά τήν διάρκειαν τοῦ παρελθόντος μηνός ἐξεδόθησαν ἀποφάσεις ἀφορῶσαι εἰς τήν ὀργάνωσιν τῶν ὑπηρεσιῶν καί τήν ἐφαρμογήν τῶν σχετικῶν διατάξεων. Αἱ ἀρμόδιαι ἀρχαί ἐπελήφθησαν τοῦ θέματος καί ἀνεκοίνωσαν ὅτι θά ληφθοῦν τά ἐνδεικνυόμενα μέτρα πρός ἐξυπηρέτησιν τοῦ κοινοῦ.
ΔΙΑΘΕΣΙΣ ΧΡΗΜΑΤΩΝ ΥΠΕΡ ΤΩΝ ΚΥΠΡΙΩΝ
ΑΘΗΝΑΙ, 4.— Ἀπό τό ὑπουργεῖον ἀνακοινώθη ὅτι κατά τήν διάρκειαν τοῦ παρελθόντος μηνός ἐξεδόθησαν ἀποφάσεις ἀφορῶσαι εἰς τήν ὀργάνωσιν τῶν ὑπηρεσιῶν καί τήν ἐφαρμογήν τῶν σχετικῶν διατάξεων. Αἱ ἀρμόδιαι ἀρχαί ἐπελήφθησαν τοῦ θέματος καί ἀνεκοίνωσαν ὅτι θά ληφθοῦν τά ἐνδεικνυόμενα μέτρα πρός ἐξυπηρέτησιν τοῦ κοινοῦ.
ΠΑΡΟΧΗ ΣΙΤΙΣΕΩΣ ΕΙΣ ΚΥΠΡΙΟΥΣ ΦΟΙΤΗΤΑΣ
ΑΘΗΝΑΙ, 4.— Ἀπό τό ὑπουργεῖον ἀνακοινώθη ὅτι κατά τήν διάρκειαν τοῦ παρελθόντος μηνός ἐξεδόθησαν ἀποφάσεις ἀφορῶσαι εἰς τήν ὀργάνωσιν τῶν ὑπηρεσιῶν καί τήν
ΔΙΑΚΗΡΥΞΙΣ ΔΙΑ ΤΗΝ ΑΝΕΓΕΡΣΗ ΕΙΣ ΤΗΝ ΑΝΩ ΚΑΛΛΙΘΕΑΝ ΚΑΤΟΠΙΝ ΤΗΣ ΑΡΣΕΩΣ ΤΩΝ ΤΕΛΕΥΤΑΙΩΝ ΕΜΠΟΔΙΩΝ
ΑΠΟ ΤΕΤΡΑΕΤΙΑΣ ΤΟ ΘΕΜΑ ΕΥΡΙΣΚΕΤΟ ΕΙΣ ΕΚΚΡΕΜΟΤΗΤΑ
ΑΘΗΝΑΙ, 4.— Ἀπό τό ὑπουργεῖον ἀνακοινώθη ὅτι κατά τήν διάρκειαν τοῦ παρελθόντος μηνός ἐξεδόθησαν ἀποφάσεις ἀφορῶσαι εἰς τήν ὀργάνωσιν τῶν ὑπηρεσιῶν καί τήν ἐφαρμογήν τῶν σχετικῶν διατάξεων. Αἱ ἀρμόδιαι ἀρχαί ἐπελήφθησαν τοῦ θέματος καί ἀνεκοίνωσαν ὅτι θά ληφθοῦν τά ἐνδεικνυόμενα μέτρα πρός ἐξυπηρέτησιν τοῦ κοινοῦ.
ΝΕΟΝ ΣΥΜΒΟΥΛΙΟΝ ΔΙΑ ΤΗΝ ΚΛΗΡΟΔΟΤΗΜΑΤΑ ΤΟΥ «ΖΑΠΠΕΙΟΥ ΜΕΓΑΡΟΥ»
ΑΘΗΝΑΙ, 4.— Ἀπό τό ὑπουργεῖον ἀνακοινώθη ὅτι κατά τήν διάρκειαν τοῦ παρελθόντος μηνός ἐξεδόθησαν ἀποφάσεις ἀφορῶσαι εἰς τήν ὀργάνωσιν τῶν ὑπηρεσιῶν καί τήν ἐφαρμογήν τῶν σχετικῶν διατάξεων. Αἱ ἀρμόδιαι ἀρχαί ἐπελήφθησαν τοῦ θέματος καί ἀνεκοίνωσαν ὅτι θά ληφθοῦν τά ἐνδεικνυόμενα μέτρα πρός ἐξυπηρέτησιν τοῦ κοινοῦ.
ΝΕΑ ΕΚΡΗΞΙΣ ΒΟΜΒΑΣ ΣΤΟ ΚΕΝΤΡΟ ΤΗΣ ΑΝΤΙΣ ΑΜΠΕΜΠΑ ΕΝΩ Ο ΣΤΡΑΤΟΣ ΣΥΝΕΛΑΒΕ ΚΑΙ ΑΛΛΟΥΣ ΤΕΩΣ ΕΠΙΣΗΜΟΥΣ
ΑΘΗΝΑΙ, 4.— Ἀπό τό ὑπουργεῖον ἀνακοινώθη ὅτι κατά τήν διάρκειαν τοῦ παρελθόντος μηνός ἐξεδόθησαν ἀποφάσεις ἀφορῶσαι εἰς τήν ὀργάνωσιν τῶν ὑπηρεσιῶν καί τήν ἐφαρμογήν τῶν σχετικῶν διατάξεων. Αἱ ἀρμόδιαι ἀρχαί ἐπελήφθησαν τοῦ θέματος καί ἀνεκοίνωσαν ὅτι θά ληφθοῦν τά ἐνδεικνυόμενα μέτρα πρός ἐξυπηρέτησιν τοῦ κοινοῦ.
ΑΘΗΝΑΙ, 4.— Ἀπό τό ὑπουργεῖον ἀνακοινώθη ὅτι κατά τήν διάρκειαν τοῦ παρελθόντος μηνός ἐξεδόθησαν ἀποφάσεις ἀφορῶσαι εἰς τήν ὀργάνωσιν τῶν ὑπηρεσιῶν καί τήν ἐφαρμογήν τῶν σχετικῶν διατάξεων. Αἱ ἀρμόδιαι ἀρχαί ἐπελήφθησαν τοῦ θέματος καί ἀνεκοίνωσαν ὅτι θά ληφθοῦν τά ἐνδεικνυόμενα μέτρα πρός ἐξυπηρέτησιν τοῦ κοινοῦ.
ΜΙΚΡΟΙ ΠΥΡΑΥΛΟΙ ΔΙΑ ΤΗΝ ΕΚΤΟΞΕΥΣΙΝ ΦΩΤΟΒΟΛΙΔΩΝ ΥΠΟ ΑΝΘΡΩΠΩΝ ΠΟΥ ΔΙΑΤΡΕΧΟΥΝ ΚΑΠΟΙΟΝ ΚΙΝΔΥΝΟΝ
ΑΘΗΝΑΙ, 4.— Ἀπό τό ὑπουργεῖον ἀνακοινώθη ὅτι κατά τήν διάρκειαν τοῦ παρελθόντος μηνός ἐξεδόθησαν ἀποφάσεις ἀφορῶσαι εἰς τήν ὀργάνωσιν τῶν ὑπηρεσιῶν καί τήν ἐφαρμογήν τῶν σχετικῶν διατάξεων. Αἱ ἀρμόδιαι ἀρχαί ἐπελήφθησαν τοῦ θέματος καί ἀνεκοίνωσαν ὅτι θά ληφθοῦν τά ἐνδεικνυόμενα μέτρα πρός ἐξυπηρέτησιν τοῦ κοινοῦ.
20.000 ΔΟΛΛΑΡΙΑ ΠΡΟΣΦΕΡΕΙ Η ΕΛΛΑΣ ΓΙΑ ΤΟΥΣ ΠΡΟΣΦΥΓΕΣ
ΑΘΗΝΑΙ, 4.— Ἀπό τό ὑπουργεῖον ἀνακοινώθη ὅτι κατά τήν διάρκειαν τοῦ παρελθόντος μηνός ἐξεδόθησαν ἀποφάσεις ἀφορῶσαι εἰς τήν ὀργάνωσιν τῶν ὑπηρεσιῶν καί τήν ἐφαρμογήν τῶν σχετικῶν διατάξεων. Αἱ ἀρμόδιαι ἀρχαί ἐπελήφθησαν τοῦ θέματος καί ἀνεκοίνωσαν ὅτι θά ληφθοῦν τά ἐνδεικνυόμενα μέτρα πρός ἐξυπηρέτησιν τοῦ κοινοῦ.
ΓΑΛΛΙΚΟΝ ΜΕΤΑΛΛΙΟΝ ΜΟΥΣΙΚΗΣ ΕΙΣ ΤΟΝ ΞΕΝΑΚΗΝ
ΑΘΗΝΑΙ, 4.— Ἀπό τό ὑπουργεῖον ἀνακοινώθη ὅτι κατά τήν διάρκειαν τοῦ παρελθόντος μηνός ἐξεδόθησαν ἀποφάσεις ἀφορῶσαι εἰς τήν ὀργάνωσιν τῶν ὑπηρεσιῶν καί τήν ἐφαρμογήν τῶν σχετικῶν διατάξεων. Αἱ ἀρμόδιαι ἀρχαί ἐπελήφθησαν τοῦ θέματος καί ἀνεκοίνωσαν ὅτι θά ληφθοῦν τά ἐνδεικνυόμενα μέτρα πρός ἐξυπηρέτησιν τοῦ κοινοῦ.
ΔΙΑΤΙΘΕΤΑΙ ΕΙΣ ΤΟ ΕΜΠΟΡΙΟΝ ΑΜΕΡΙΚΑΝΙΚΗ ΣΥΣΚΕΥΗ ΑΠΟΣΥΝΘΕΣΕΩΣ ΑΠΟΡΡΙΜΜΑΤΩΝ ΖΩΩΝ ΚΑΙ ΑΝΘΡΩΠΩΝ
ΑΘΗΝΑΙ, 4.— Ἀπό τό ὑπουργεῖον ἀνακοινώθη ὅτι κατά τήν διάρκειαν τοῦ παρελθόντος μηνός ἐξεδόθησαν ἀποφάσεις ἀφορῶσαι εἰς τήν ὀργάνωσιν τῶν ὑπηρεσιῶν καί τήν ἐφαρμογήν τῶν σχετικῶν διατάξεων. Αἱ ἀρμόδιαι ἀρχαί ἐπελήφθησαν τοῦ θέματος καί ἀνεκοίνωσαν ὅτι θά ληφθοῦν τά ἐνδεικνυόμενα μέτρα πρός ἐξυπηρέτησιν τοῦ κοινοῦ.
ΑΘΗΝΑΙ, 4.— Ἀπό τό ὑπουργεῖον ἀνακοινώθη ὅτι κατά τήν διάρκειαν τοῦ παρελθόντος μηνός ἐξεδόθησαν ἀποφάσεις ἀφορῶσαι εἰς τήν ὀργάνωσιν τῶν ὑπηρεσιῶν καί τήν ἐφαρμογήν τῶν σχετικῶν διατάξεων. Αἱ ἀρμόδιαι ἀρχαί ἐπελήφθησαν τοῦ θέματος καί ἀνεκοίνωσαν ὅτι θά ληφθοῦν τά ἐνδεικνυόμενα μέτρα πρός ἐξυπηρέτησιν τοῦ κοινοῦ.
Ο ΞΕΝΟΣ ΤΥΠΟΣ ΕΞΑΙΡΕΙ ΠΡΟΣΠΑΘΕΙΑΝ ΤΟΥ ΝΤ' ΕΣΤΑΙΝ ΠΡΟΣ ΑΝΤΙΜΕΤΩΠΙΣΙΝ ΤΟΥ ΠΛΗΘΩΡΙΣΜΟΥ ΤΗΣ ΓΑΛΛΙΑΣ
ΑΘΗΝΑΙ, 4.— Ἀπό τό ὑπουργεῖον ἀνακοινώθη ὅτι κατά τήν διάρκειαν τοῦ παρελθόντος μηνός ἐξεδόθησαν ἀποφάσεις ἀφορῶσαι εἰς τήν ὀργάνωσιν τῶν ὑπηρεσιῶν καί τήν ἐφαρμογήν τῶν σχετικῶν διατάξεων. Αἱ ἀρμόδιαι ἀρχαί ἐπελήφθησαν τοῦ θέματος καί ἀνεκοίνωσαν ὅτι θά ληφθοῦν τά ἐνδεικνυόμενα μέτρα πρός ἐξυπηρέτησιν τοῦ κοινοῦ.
ΑΘΗΝΑΙ, 4.— Ἀπό τό ὑπουργεῖον ἀνακοινώθη ὅτι κατά τήν διάρκειαν τοῦ παρελθόντος μηνός ἐξεδόθησαν ἀποφάσεις ἀφορῶσαι εἰς τήν ὀργάνωσιν τῶν ὑπηρεσιῶν καί τήν ἐφαρμογήν τῶν σχετικῶν διατάξεων. Αἱ ἀρμόδιαι ἀρχαί ἐπελήφθησαν τοῦ θέματος καί ἀνεκοίνωσαν ὅτι θά ληφθοῦν τά ἐνδεικνυόμενα μέτρα πρός ἐξυπηρέτησιν τοῦ κοινοῦ.
ΜΙΑ ΟΙΚΟΓΕΝΕΙΑ ΚΥΒΕΡΝΑ ΤΗΝ ΝΙΚΑΡΑΓΟΥΑ
ΑΘΗΝΑΙ, 4.— Ἀπό τό ὑπουργεῖον ἀνακοινώθη ὅτι κατά τήν διάρκειαν τοῦ παρελθόντος μηνός ἐξεδόθησαν ἀποφάσεις ἀφορῶσαι εἰς τήν ὀργάνωσιν τῶν ὑπηρεσιῶν καί τήν ἐφαρμογήν τῶν σχετικῶν διατάξεων. Αἱ ἀρμόδιαι ἀρχαί ἐπελήφθησαν τοῦ θέματος καί ἀνεκοίνωσαν ὅτι θά ληφθοῦν τά ἐνδεικνυόμενα μέτρα πρός ἐξυπηρέτησιν τοῦ κοινοῦ.
Ο ΝΕΟΣ ΠΡΟΕΔΡΟΣ ΤΗΣ ΕΛΒΕΤΙΑΣ
ΑΘΗΝΑΙ, 4.— Ἀπό τό ὑπουργεῖον ἀνακοινώθη ὅτι κατά τήν διάρκειαν τοῦ παρελθόντος μηνός ἐξεδόθησαν ἀποφάσεις ἀφορῶσαι εἰς τήν ὀργάνωσιν τῶν ὑπηρεσιῶν καί τήν ἐφαρμογήν τῶν σχετικῶν διατάξεων. Αἱ ἀρμόδιαι ἀρχαί ἐπελήφθησαν τοῦ θέματος καί ἀνεκοίνωσαν ὅτι θά ληφθοῦν τά ἐνδεικνυόμενα μέτρα πρός ἐξυπηρέτησιν τοῦ κοινοῦ.
ΤΑ ΔΡΟΜΟΛΟΓΙΑ ΤΩΝ ΣΙΔΗΡΟΔΡΟΜΩΝ
ΑΘΗΝΑΙ, 4.— Ἀπό τό ὑπουργεῖον ἀνακοινώθη ὅτι κατά τήν διάρκειαν τοῦ παρελθόντος μηνός ἐξεδόθησαν ἀποφάσεις ἀφορῶσαι εἰς τήν ὀργάνωσιν τῶν ὑπηρεσιῶν καί τήν ἐφαρμογήν τῶν σχετικῶν διατάξεων. Αἱ ἀρμόδιαι ἀρχαί ἐπελήφθησαν τοῦ θέματος καί ἀνεκοίνωσαν ὅτι θά ληφθοῦν τά ἐνδεικνυόμενα μέτρα πρός ἐξυπηρέτησιν τοῦ κοινοῦ.
Ο ΚΙΣΣΙΝΓΚΕΡ ΠΙΕΖΕΙ ΤΟ ΚΟΓΚΡΕΣΟ ΝΑ ΥΠΕΡΨΗΦΙΣΗ ΤΟ ΝΟΜΟΣΧΕΔΙΟ ΓΙΑ ΕΜΠΟΡΙΚΕΣ ΣΧΕΣΕΙΣ ΜΕ ΤΗΝ ΡΩΣΙΑ
ΑΘΗΝΑΙ, 4.— Ἀπό τό ὑπουργεῖον ἀνακοινώθη ὅτι κατά τήν διάρκειαν τοῦ παρελθόντος μηνός ἐξεδόθησαν ἀποφάσεις ἀφορῶσαι εἰς τήν ὀργάνωσιν τῶν ὑπηρεσιῶν καί τήν ἐφαρμογήν τῶν σχετικῶν διατάξεων. Αἱ ἀρμόδιαι ἀρχαί ἐπελήφθησαν τοῦ θέματος καί ἀνεκοίνωσαν ὅτι θά ληφθοῦν τά ἐνδεικνυόμενα μέτρα πρός ἐξυπηρέτησιν τοῦ κοινοῦ.
ΑΘΗΝΑΙ, 4.— Ἀπό τό ὑπουργεῖον ἀνακοινώθη ὅτι κατά τήν διάρκειαν τοῦ παρελθόντος μηνός ἐξεδόθησαν ἀποφάσεις ἀφορῶσαι εἰς τήν ὀργάνωσιν τῶν ὑπηρεσιῶν καί τήν ἐφαρμογήν τῶν σχετικῶν διατάξεων. Αἱ ἀρμόδιαι ἀρχαί ἐπελήφθησαν τοῦ θέματος καί ἀνεκοίνωσαν ὅτι θά ληφθοῦν τά ἐνδεικνυόμενα μέτρα πρός ἐξυπηρέτησιν τοῦ κοινοῦ.
